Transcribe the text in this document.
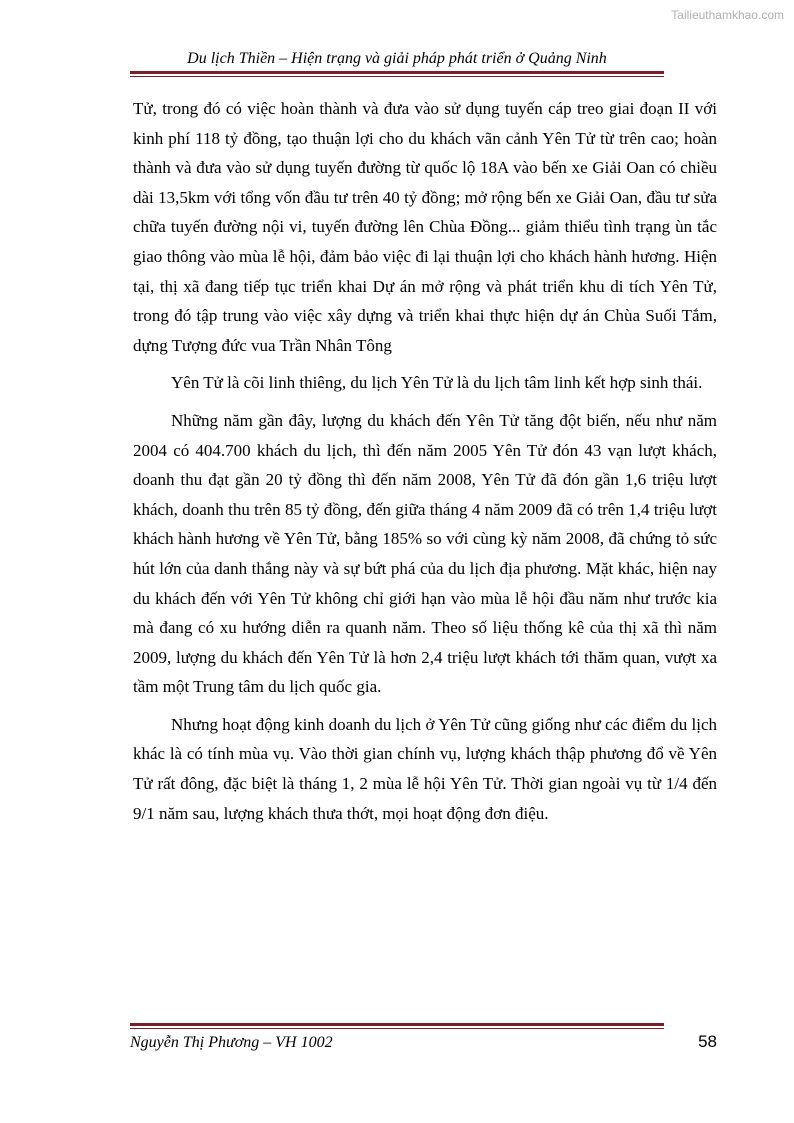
Tailieuthamkhao.com
Du lịch Thiền – Hiện trạng và giải pháp phát triển ở Quảng Ninh

Tử, trong đó có việc hoàn thành và đưa vào sử dụng tuyến cáp treo giai đoạn II với kinh phí 118 tỷ đồng, tạo thuận lợi cho du khách vãn cảnh Yên Tử từ trên cao; hoàn thành và đưa vào sử dụng tuyến đường từ quốc lộ 18A vào bến xe Giải Oan có chiều dài 13,5km với tổng vốn đầu tư trên 40 tỷ đồng; mở rộng bến xe Giải Oan, đầu tư sửa chữa tuyến đường nội vi, tuyến đường lên Chùa Đồng... giảm thiểu tình trạng ùn tắc giao thông vào mùa lễ hội, đảm bảo việc đi lại thuận lợi cho khách hành hương. Hiện tại, thị xã đang tiếp tục triển khai Dự án mở rộng và phát triển khu di tích Yên Tử, trong đó tập trung vào việc xây dựng và triển khai thực hiện dự án Chùa Suối Tắm, dựng Tượng đức vua Trần Nhân Tông

Yên Tử là cõi linh thiêng, du lịch Yên Tử là du lịch tâm linh kết hợp sinh thái.

Những năm gần đây, lượng du khách đến Yên Tử tăng đột biến, nếu như năm 2004 có 404.700 khách du lịch, thì đến năm 2005 Yên Tử đón 43 vạn lượt khách, doanh thu đạt gần 20 tỷ đồng thì đến năm 2008, Yên Tử đã đón gần 1,6 triệu lượt khách, doanh thu trên 85 tỷ đồng, đến giữa tháng 4 năm 2009 đã có trên 1,4 triệu lượt khách hành hương về Yên Tử, bằng 185% so với cùng kỳ năm 2008, đã chứng tỏ sức hút lớn của danh thắng này và sự bứt phá của du lịch địa phương. Mặt khác, hiện nay du khách đến với Yên Tử không chỉ giới hạn vào mùa lễ hội đầu năm như trước kia mà đang có xu hướng diễn ra quanh năm. Theo số liệu thống kê của thị xã thì năm 2009, lượng du khách đến Yên Tử là hơn 2,4 triệu lượt khách tới thăm quan, vượt xa tầm một Trung tâm du lịch quốc gia.

Nhưng hoạt động kinh doanh du lịch ở Yên Tử cũng giống như các điểm du lịch khác là có tính mùa vụ. Vào thời gian chính vụ, lượng khách thập phương đổ về Yên Tử rất đông, đặc biệt là tháng 1, 2 mùa lễ hội Yên Tử. Thời gian ngoài vụ từ 1/4 đến 9/1 năm sau, lượng khách thưa thớt, mọi hoạt động đơn điệu.

Nguyễn Thị Phương – VH 1002	58
